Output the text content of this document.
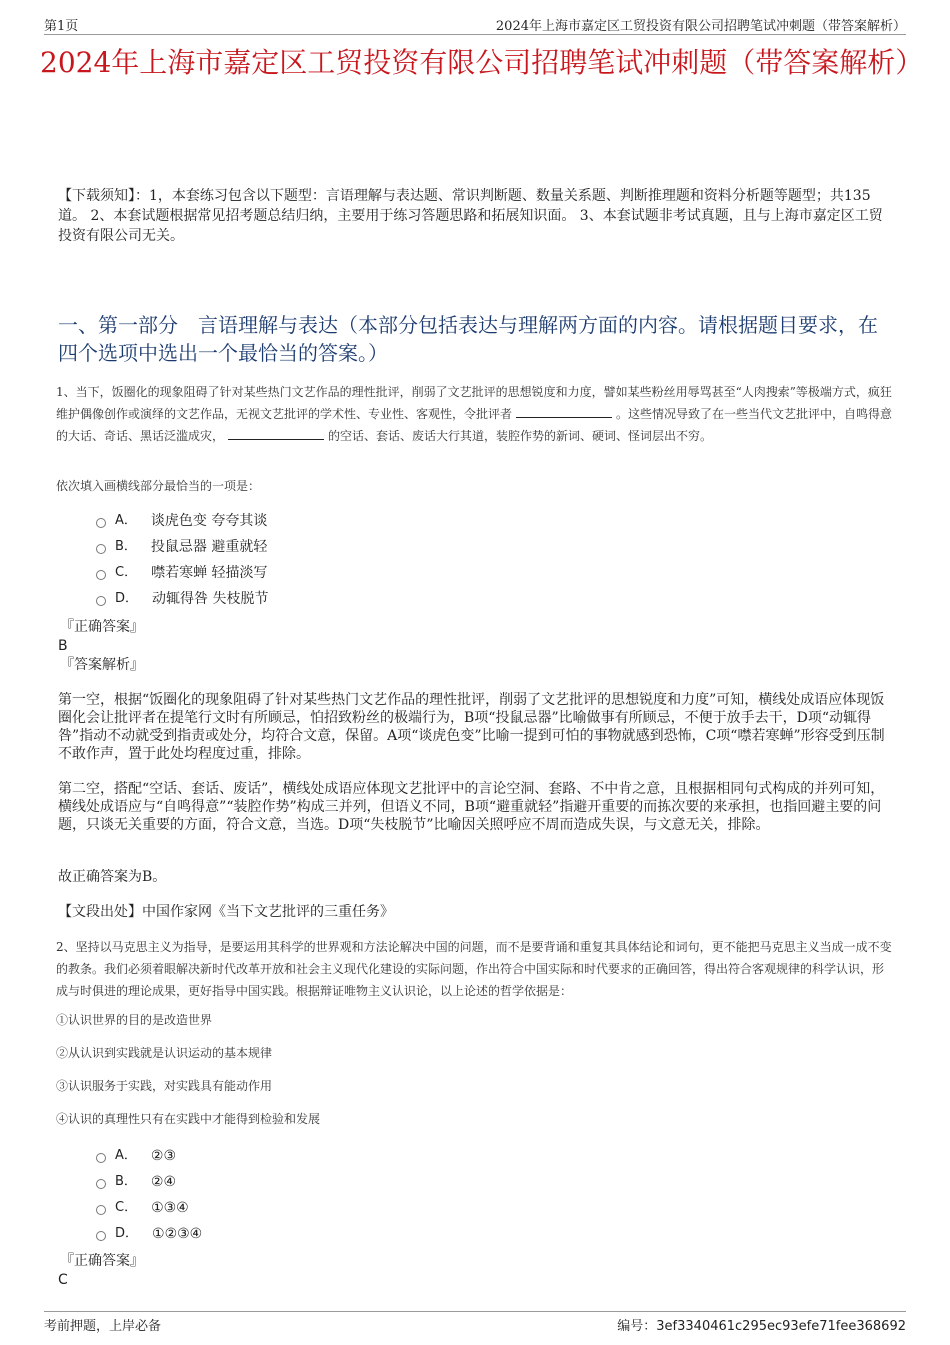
第1页	2024年上海市嘉定区工贸投资有限公司招聘笔试冲刺题（带答案解析）
2024年上海市嘉定区工贸投资有限公司招聘笔试冲刺题（带答案解析）
【下载须知】：1，本套练习包含以下题型：言语理解与表达题、常识判断题、数量关系题、判断推理题和资料分析题等题型；共135道。 2、本套试题根据常见招考题总结归纳，主要用于练习答题思路和拓展知识面。 3、本套试题非考试真题，且与上海市嘉定区工贸投资有限公司无关。
一、第一部分　言语理解与表达（本部分包括表达与理解两方面的内容。请根据题目要求，在四个选项中选出一个最恰当的答案。）
1、当下，饭圈化的现象阻碍了针对某些热门文艺作品的理性批评，削弱了文艺批评的思想锐度和力度，譬如某些粉丝用辱骂甚至“人肉搜索”等极端方式，疯狂维护偶像创作或演绎的文艺作品，无视文艺批评的学术性、专业性、客观性，令批评者	。这些情况导致了在一些当代文艺批评中，自鸣得意的大话、奇话、黑话泛滥成灾，	的空话、套话、废话大行其道，装腔作势的新词、硬词、怪词层出不穷。
依次填入画横线部分最恰当的一项是：
A． 谈虎色变 夸夸其谈
B． 投鼠忌器 避重就轻
C． 噤若寒蝉 轻描淡写
D． 动辄得咎 失枝脱节
『正确答案』
B
『答案解析』
第一空，根据“饭圈化的现象阻碍了针对某些热门文艺作品的理性批评，削弱了文艺批评的思想锐度和力度”可知，横线处成语应体现饭圈化会让批评者在提笔行文时有所顾忌，怕招致粉丝的极端行为，B项“投鼠忌器”比喻做事有所顾忌，不便于放手去干，D项“动辄得咎”指动不动就受到指责或处分，均符合文意，保留。A项“谈虎色变”比喻一提到可怕的事物就感到恐怖，C项“噤若寒蝉”形容受到压制不敢作声，置于此处均程度过重，排除。
第二空，搭配“空话、套话、废话”，横线处成语应体现文艺批评中的言论空洞、套路、不中肯之意，且根据相同句式构成的并列可知，横线处成语应与“自鸣得意”“装腔作势”构成三并列，但语义不同，B项“避重就轻”指避开重要的而拣次要的来承担，也指回避主要的问题，只谈无关重要的方面，符合文意，当选。D项“失枝脱节”比喻因关照呼应不周而造成失误，与文意无关，排除。
故正确答案为B。
【文段出处】中国作家网《当下文艺批评的三重任务》
2、坚持以马克思主义为指导，是要运用其科学的世界观和方法论解决中国的问题，而不是要背诵和重复其具体结论和词句，更不能把马克思主义当成一成不变的教条。我们必须着眼解决新时代改革开放和社会主义现代化建设的实际问题，作出符合中国实际和时代要求的正确回答，得出符合客观规律的科学认识，形成与时俱进的理论成果，更好指导中国实践。根据辩证唯物主义认识论，以上论述的哲学依据是：
①认识世界的目的是改造世界
②从认识到实践就是认识运动的基本规律
③认识服务于实践，对实践具有能动作用
④认识的真理性只有在实践中才能得到检验和发展
A． ②③
B． ②④
C． ①③④
D． ①②③④
『正确答案』
C
考前押题，上岸必备	编号：3ef3340461c295ec93efe71fee368692
